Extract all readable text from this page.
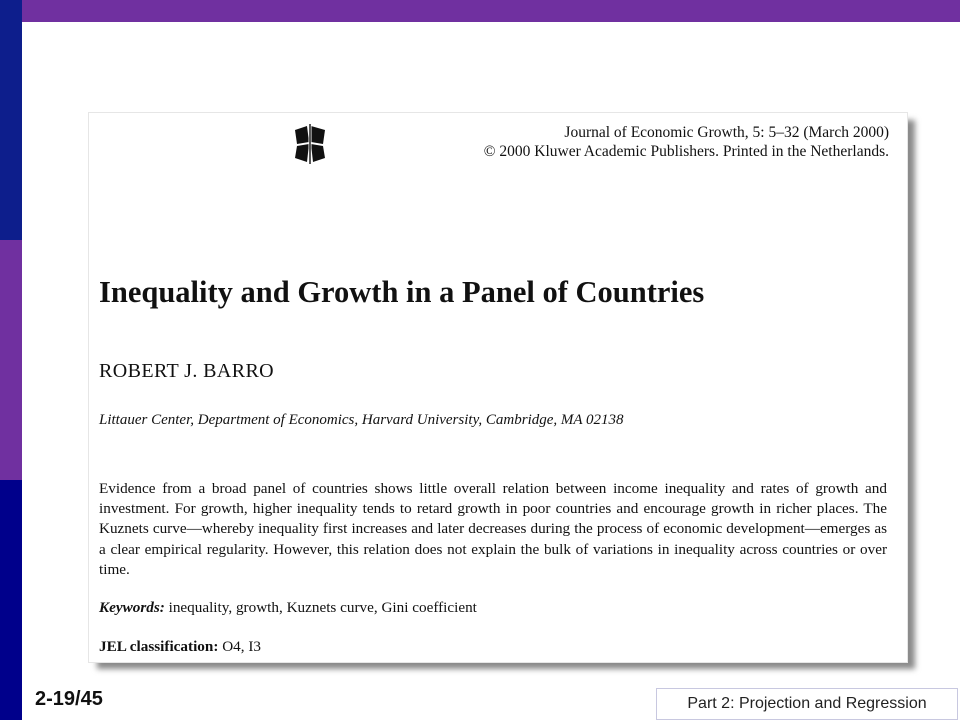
Journal of Economic Growth, 5: 5–32 (March 2000)
© 2000 Kluwer Academic Publishers. Printed in the Netherlands.
Inequality and Growth in a Panel of Countries
ROBERT J. BARRO
Littauer Center, Department of Economics, Harvard University, Cambridge, MA 02138

Evidence from a broad panel of countries shows little overall relation between income inequality and rates of growth and investment. For growth, higher inequality tends to retard growth in poor countries and encourage growth in richer places. The Kuznets curve—whereby inequality first increases and later decreases during the process of economic development—emerges as a clear empirical regularity. However, this relation does not explain the bulk of variations in inequality across countries or over time.

Keywords: inequality, growth, Kuznets curve, Gini coefficient
JEL classification: O4, I3
2-19/45	Part 2: Projection and Regression
